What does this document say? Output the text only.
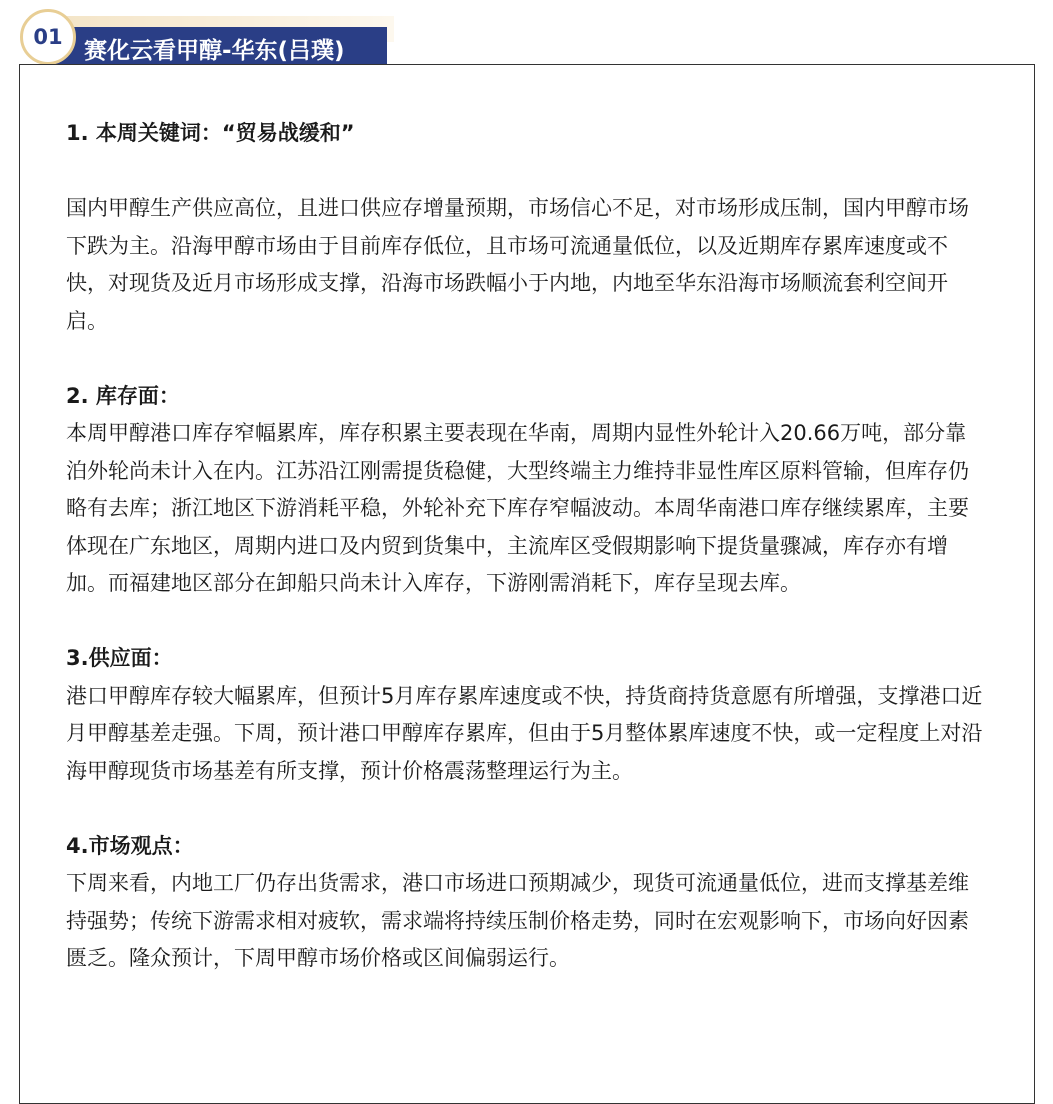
赛化云看甲醇-华东(吕璞)
01

1. 本周关键词：“贸易战缓和”

国内甲醇生产供应高位，且进口供应存增量预期，市场信心不足，对市场形成压制，国内甲醇市场下跌为主。沿海甲醇市场由于目前库存低位，且市场可流通量低位，以及近期库存累库速度或不快，对现货及近月市场形成支撑，沿海市场跌幅小于内地，内地至华东沿海市场顺流套利空间开启。

2. 库存面：

本周甲醇港口库存窄幅累库，库存积累主要表现在华南，周期内显性外轮计入20.66万吨，部分靠泊外轮尚未计入在内。江苏沿江刚需提货稳健，大型终端主力维持非显性库区原料管输，但库存仍略有去库；浙江地区下游消耗平稳，外轮补充下库存窄幅波动。本周华南港口库存继续累库，主要体现在广东地区，周期内进口及内贸到货集中，主流库区受假期影响下提货量骤减，库存亦有增加。而福建地区部分在卸船只尚未计入库存，下游刚需消耗下，库存呈现去库。

3.供应面：

港口甲醇库存较大幅累库，但预计5月库存累库速度或不快，持货商持货意愿有所增强，支撑港口近月甲醇基差走强。下周，预计港口甲醇库存累库，但由于5月整体累库速度不快，或一定程度上对沿海甲醇现货市场基差有所支撑，预计价格震荡整理运行为主。

4.市场观点：

下周来看，内地工厂仍存出货需求，港口市场进口预期减少，现货可流通量低位，进而支撑基差维持强势；传统下游需求相对疲软，需求端将持续压制价格走势，同时在宏观影响下，市场向好因素匮乏。隆众预计，下周甲醇市场价格或区间偏弱运行。
